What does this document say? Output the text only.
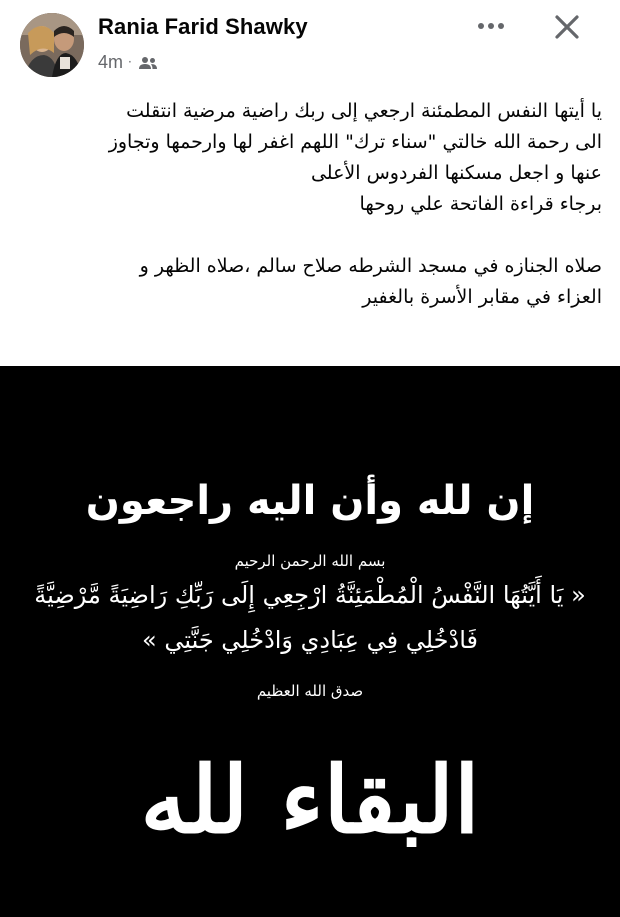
Rania Farid Shawky
4m ·

يا أيتها النفس المطمئنة ارجعي إلى ربك راضية مرضية انتقلت

الى رحمة الله خالتي "سناء ترك" اللهم اغفر لها وارحمها وتجاوز

عنها و اجعل مسكنها الفردوس الأعلى

برجاء قراءة الفاتحة علي روحها

صلاه الجنازه في مسجد الشرطه صلاح سالم ،صلاه الظهر و

العزاء في مقابر الأسرة بالغفير

إن لله وأن اليه راجعون
بسم الله الرحمن الرحيم
« يَا أَيَّتُهَا النَّفْسُ الْمُطْمَئِنَّةُ ارْجِعِي إِلَى رَبِّكِ رَاضِيَةً مَّرْضِيَّةً
فَادْخُلِي فِي عِبَادِي وَادْخُلِي جَنَّتِي »
صدق الله العظيم
البقاء لله
